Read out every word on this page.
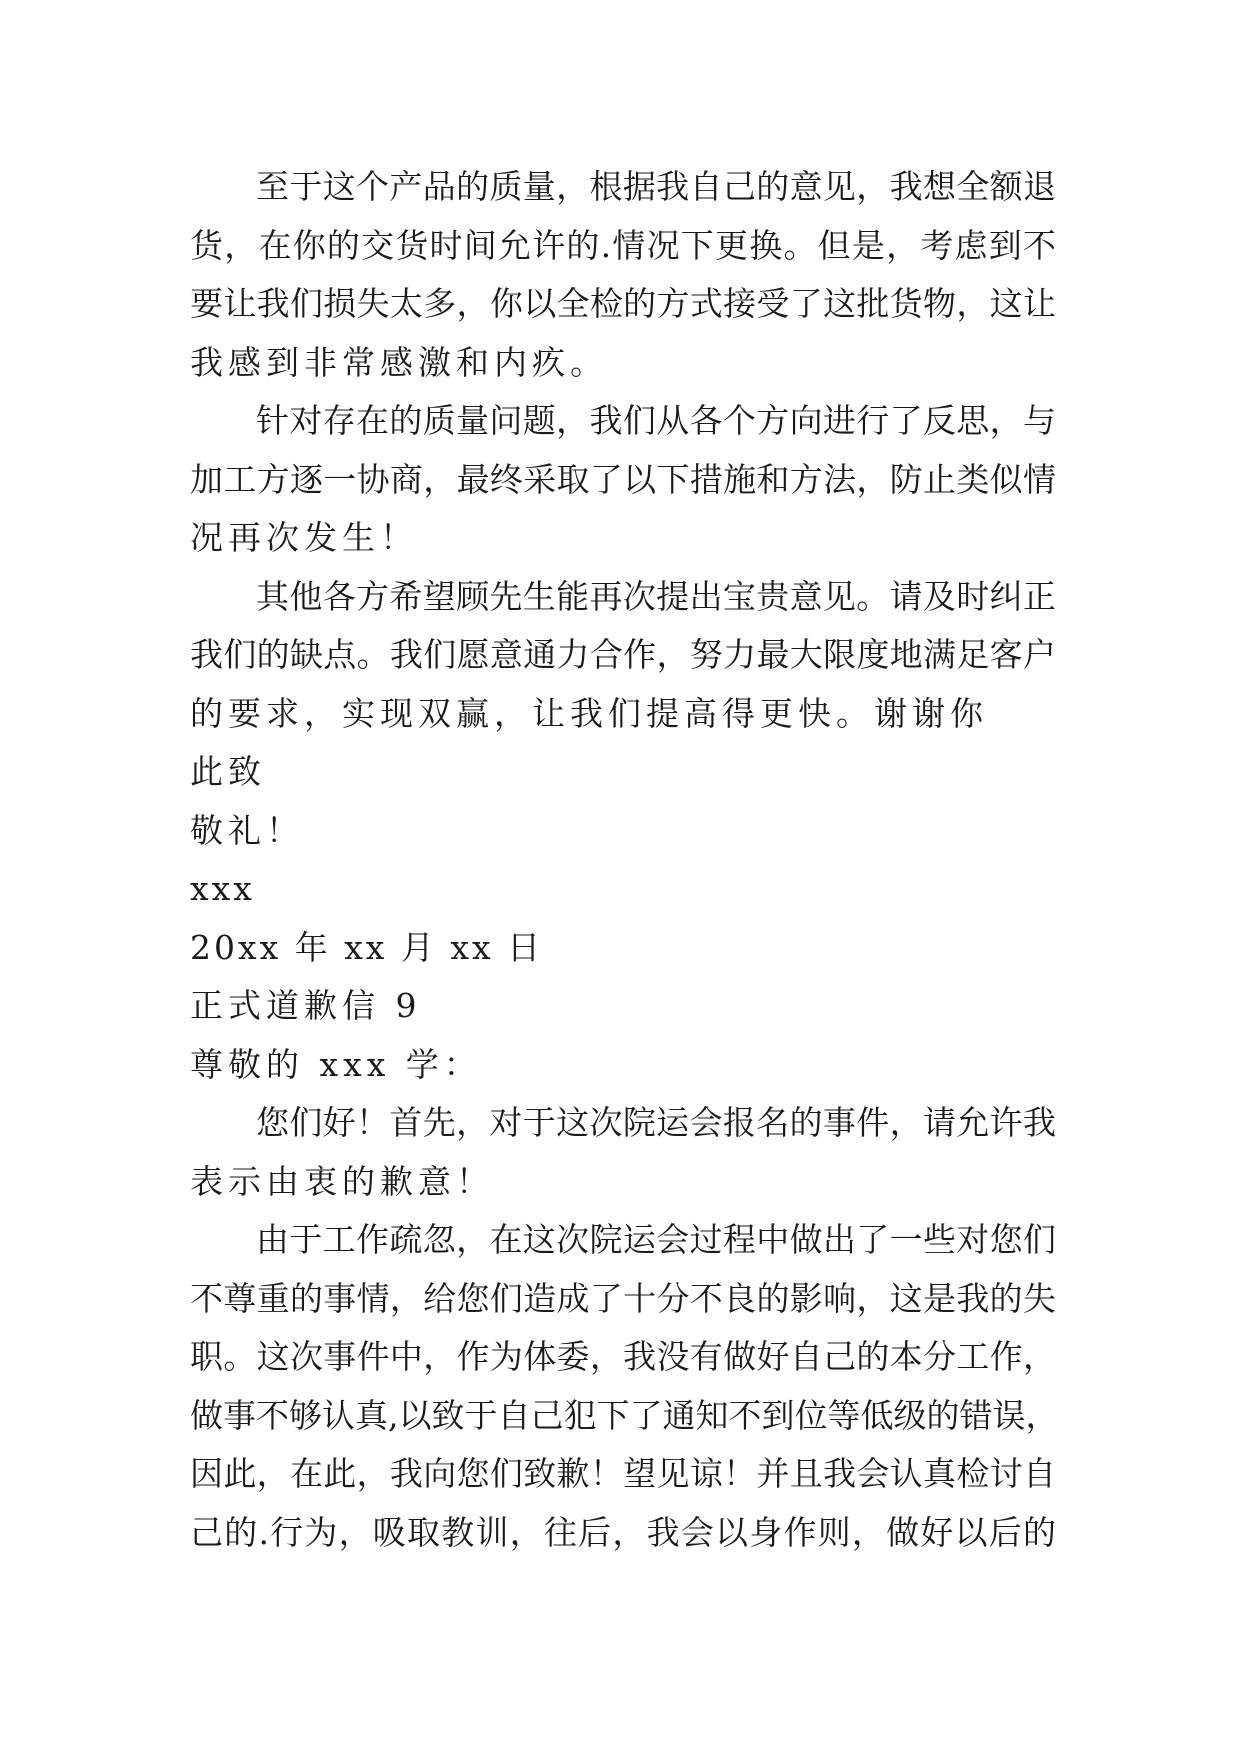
至于这个产品的质量，根据我自己的意见，我想全额退
货，在你的交货时间允许的.情况下更换。但是，考虑到不
要让我们损失太多，你以全检的方式接受了这批货物，这让
我感到非常感激和内疚。
针对存在的质量问题，我们从各个方向进行了反思，与
加工方逐一协商，最终采取了以下措施和方法，防止类似情
况再次发生！
其他各方希望顾先生能再次提出宝贵意见。请及时纠正
我们的缺点。我们愿意通力合作，努力最大限度地满足客户
的要求，实现双赢，让我们提高得更快。谢谢你
此致
敬礼！
xxx
20xx 年 xx 月 xx 日
正式道歉信 9
尊敬的 xxx 学：
您们好！首先，对于这次院运会报名的事件，请允许我
表示由衷的歉意！
由于工作疏忽，在这次院运会过程中做出了一些对您们
不尊重的事情，给您们造成了十分不良的影响，这是我的失
职。这次事件中，作为体委，我没有做好自己的本分工作，
做事不够认真,以致于自己犯下了通知不到位等低级的错误，
因此，在此，我向您们致歉！望见谅！并且我会认真检讨自
己的.行为，吸取教训，往后，我会以身作则，做好以后的
